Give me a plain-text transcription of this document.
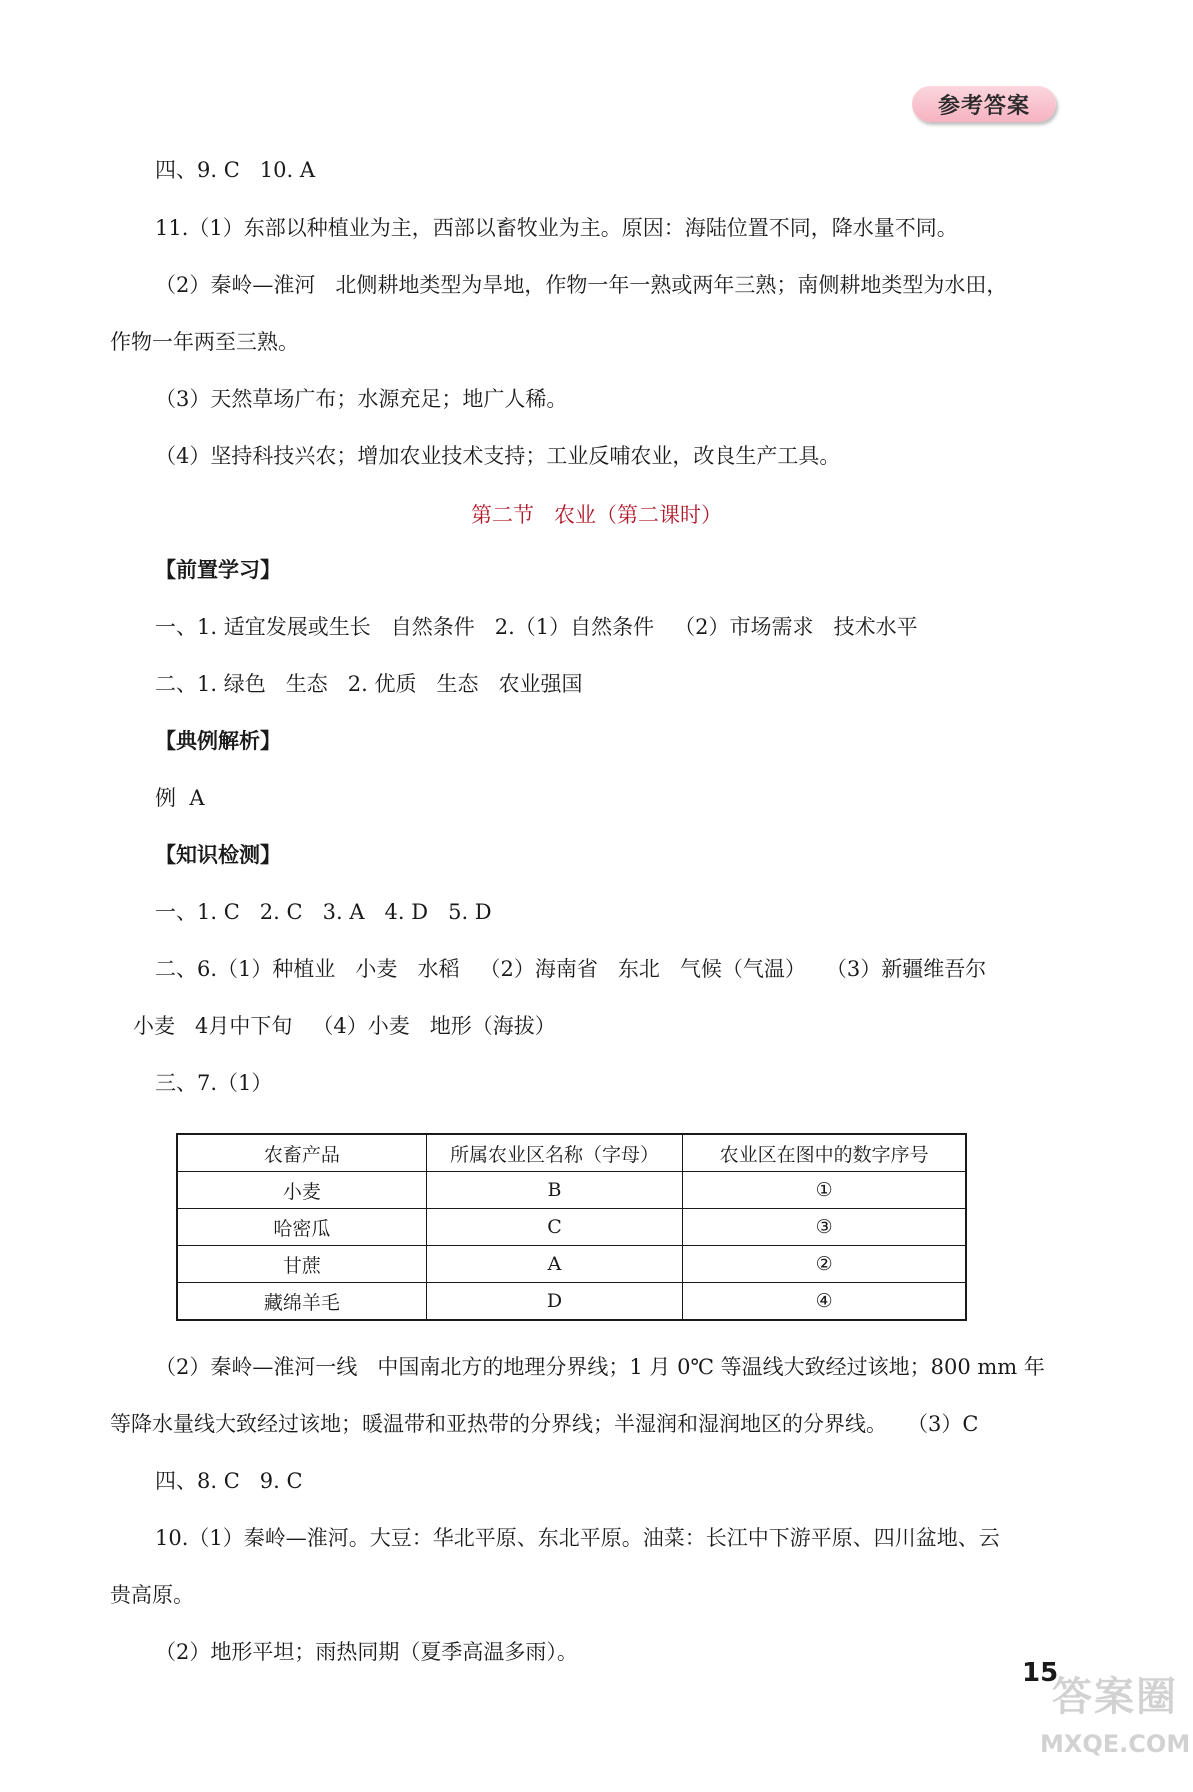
参考答案
四、9. C   10. A
11.（1）东部以种植业为主，西部以畜牧业为主。原因：海陆位置不同，降水量不同。
（2）秦岭—淮河   北侧耕地类型为旱地，作物一年一熟或两年三熟；南侧耕地类型为水田，
作物一年两至三熟。
（3）天然草场广布；水源充足；地广人稀。
（4）坚持科技兴农；增加农业技术支持；工业反哺农业，改良生产工具。
第二节   农业（第二课时）
【前置学习】
一、1. 适宜发展或生长   自然条件   2.（1）自然条件   （2）市场需求   技术水平
二、1. 绿色   生态   2. 优质   生态   农业强国
【典例解析】
例  A
【知识检测】
一、1. C   2. C   3. A   4. D   5. D
二、6.（1）种植业   小麦   水稻   （2）海南省   东北   气候（气温）   （3）新疆维吾尔
小麦   4月中下旬   （4）小麦   地形（海拔）
三、7.（1）
农畜产品	所属农业区名称（字母）	农业区在图中的数字序号
小麦	B	①
哈密瓜	C	③
甘蔗	A	②
藏绵羊毛	D	④
（2）秦岭—淮河一线   中国南北方的地理分界线；1 月 0℃ 等温线大致经过该地；800 mm 年
等降水量线大致经过该地；暖温带和亚热带的分界线；半湿润和湿润地区的分界线。   （3）C
四、8. C   9. C
10.（1）秦岭—淮河。大豆：华北平原、东北平原。油菜：长江中下游平原、四川盆地、云
贵高原。
（2）地形平坦；雨热同期（夏季高温多雨）。
15
答案圈
MXQE.COM
